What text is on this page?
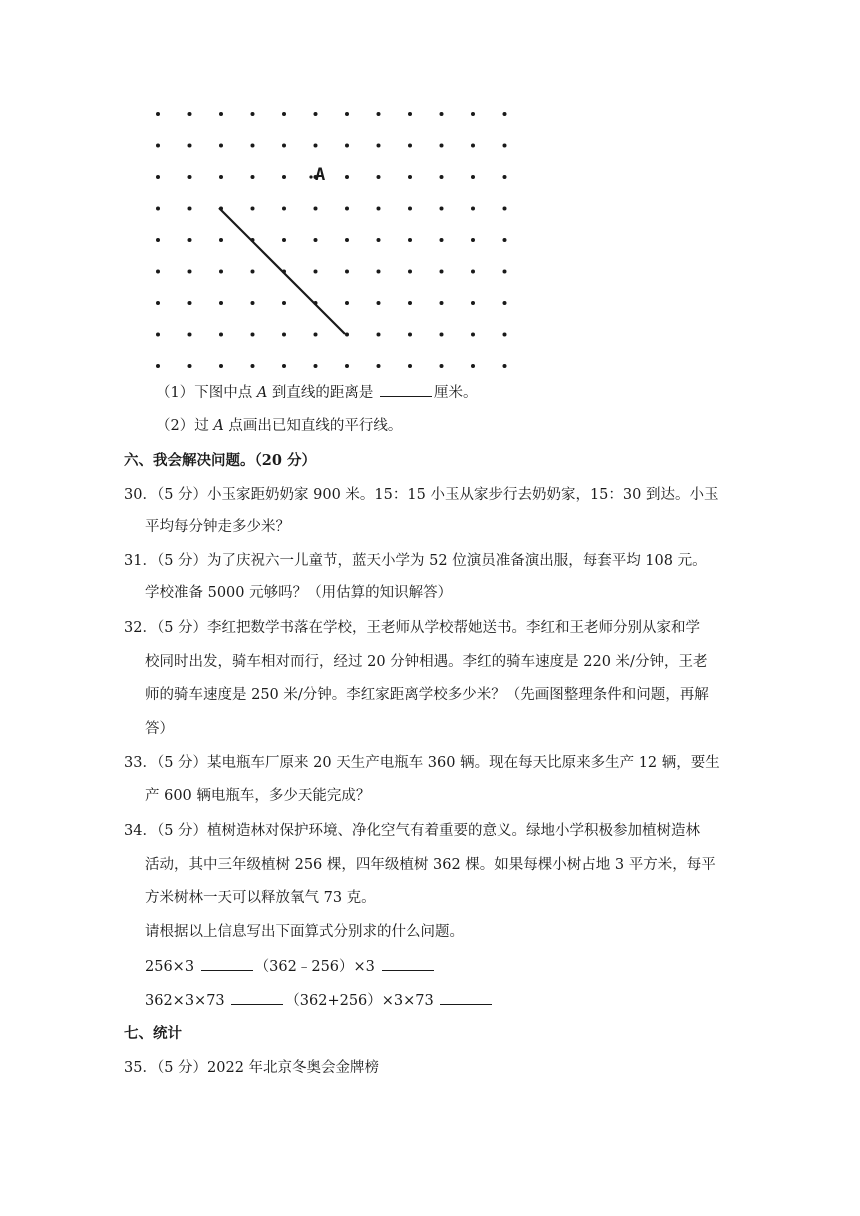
A
（1）下图中点 A 到直线的距离是	厘米。
（2）过 A 点画出已知直线的平行线。
六、我会解决问题。（20 分）
30．（5 分）小玉家距奶奶家 900 米。15：15 小玉从家步行去奶奶家，15：30 到达。小玉
平均每分钟走多少米？
31．（5 分）为了庆祝六一儿童节，蓝天小学为 52 位演员准备演出服，每套平均 108 元。
学校准备 5000 元够吗？（用估算的知识解答）
32．（5 分）李红把数学书落在学校，王老师从学校帮她送书。李红和王老师分别从家和学
校同时出发，骑车相对而行，经过 20 分钟相遇。李红的骑车速度是 220 米/分钟，王老
师的骑车速度是 250 米/分钟。李红家距离学校多少米？（先画图整理条件和问题，再解
答）
33．（5 分）某电瓶车厂原来 20 天生产电瓶车 360 辆。现在每天比原来多生产 12 辆，要生
产 600 辆电瓶车，多少天能完成？
34．（5 分）植树造林对保护环境、净化空气有着重要的意义。绿地小学积极参加植树造林
活动，其中三年级植树 256 棵，四年级植树 362 棵。如果每棵小树占地 3 平方米，每平
方米树林一天可以释放氧气 73 克。
请根据以上信息写出下面算式分别求的什么问题。
256×3	（362﹣256）×3
362×3×73	（362+256）×3×73
七、统计
35．（5 分）2022 年北京冬奥会金牌榜
